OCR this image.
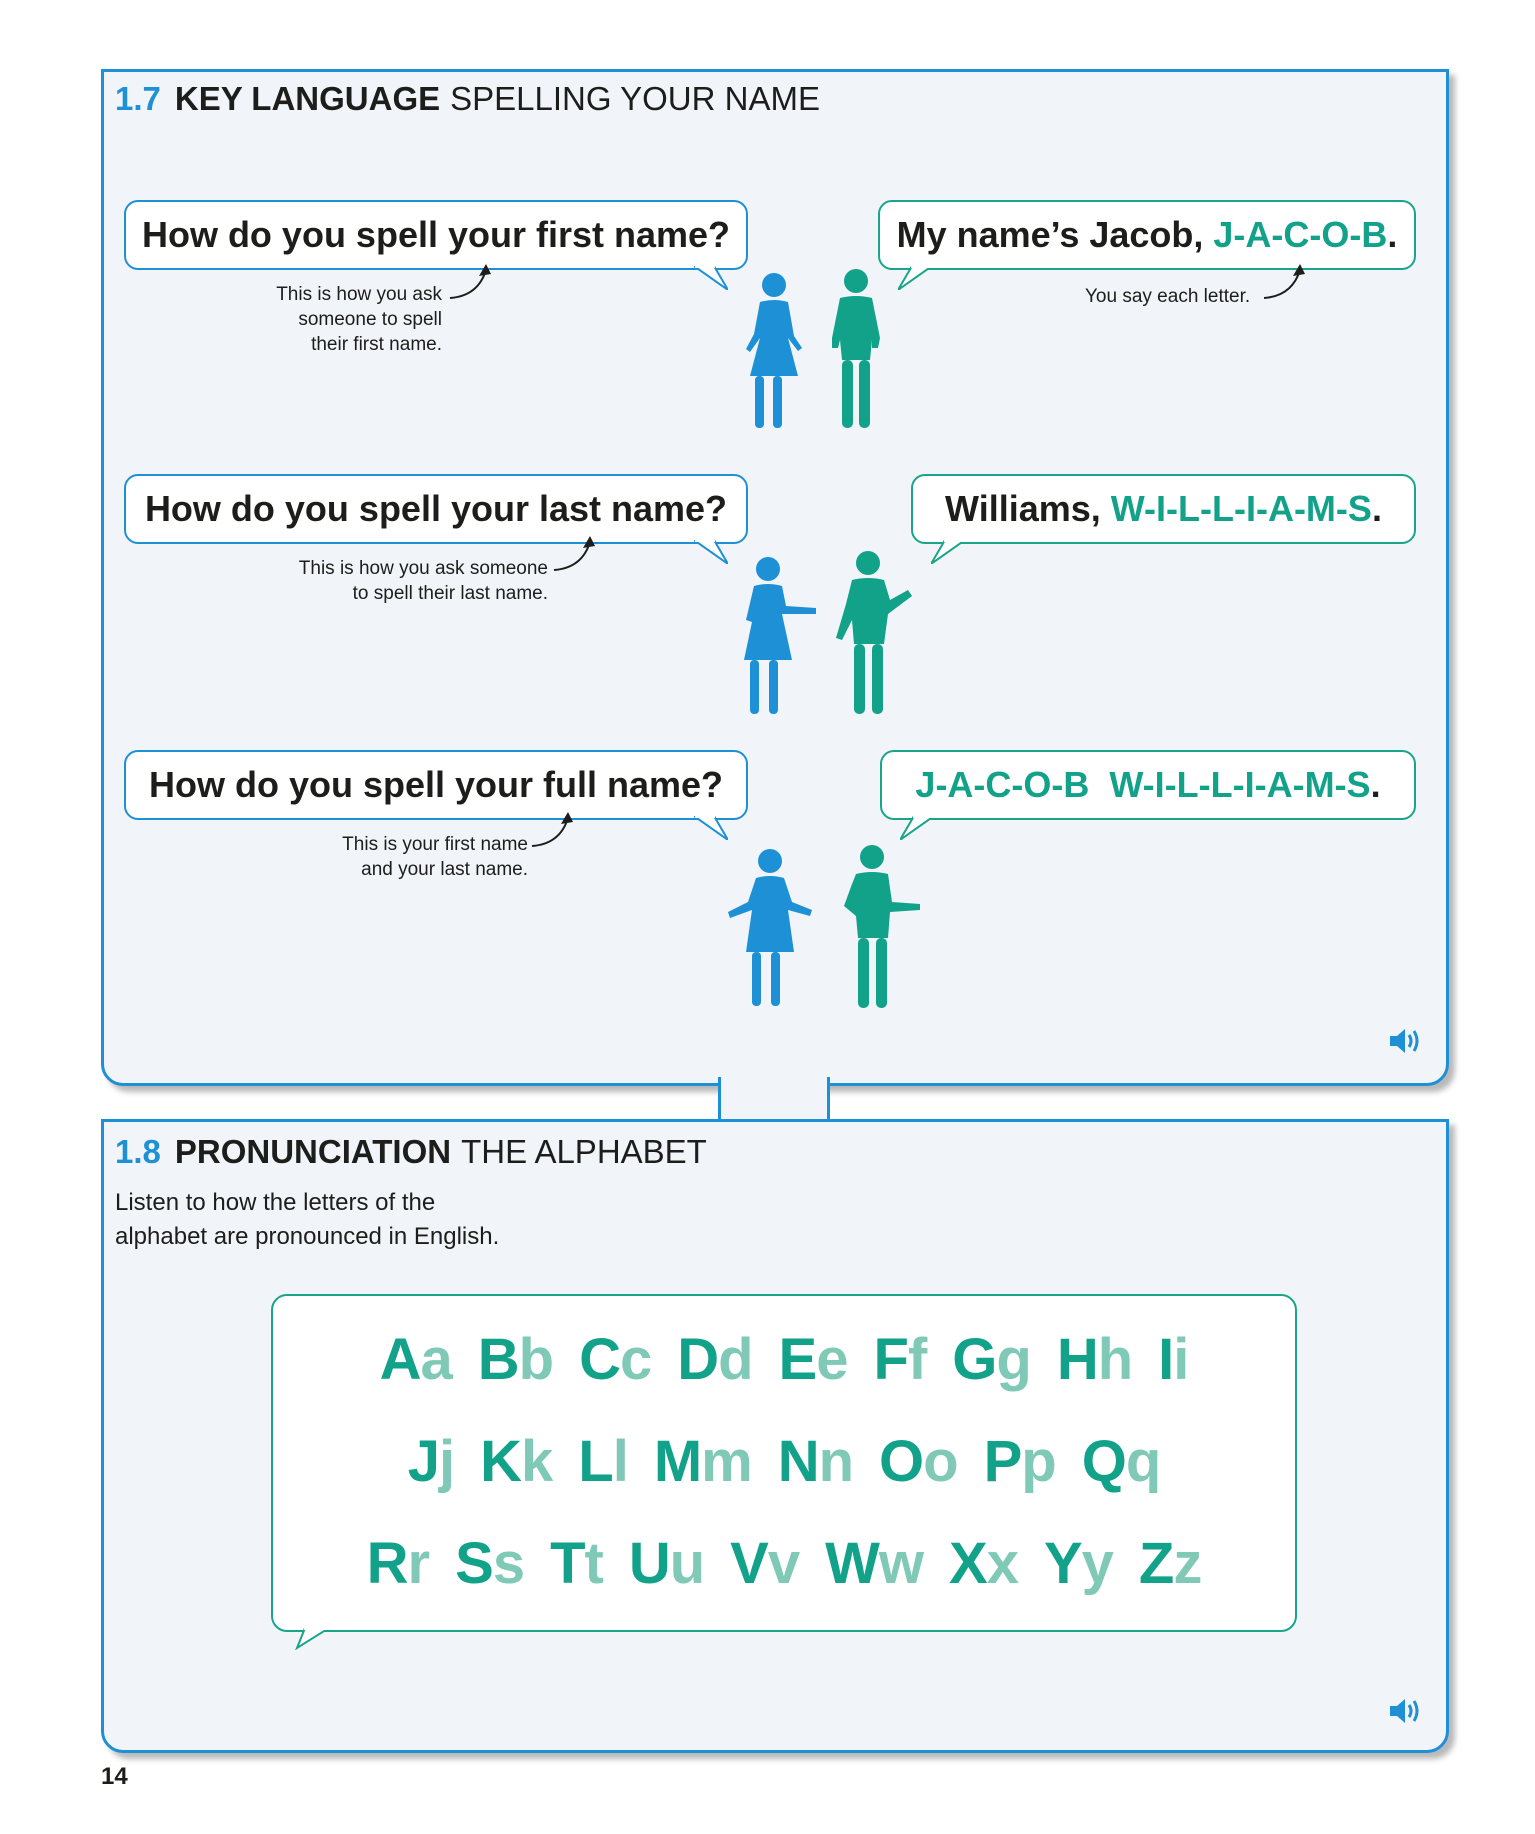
1.7 KEY LANGUAGE SPELLING YOUR NAME
How do you spell your first name?	My name’s Jacob, J-A-C-O-B.
This is how you ask
someone to spell
their first name.
You say each letter.
How do you spell your last name?	Williams, W-I-L-L-I-A-M-S.
This is how you ask someone
to spell their last name.
How do you spell your full name?	J-A-C-O-B  W-I-L-L-I-A-M-S.
This is your first name
and your last name.
1.8 PRONUNCIATION THE ALPHABET
Listen to how the letters of the
alphabet are pronounced in English.
Aa Bb Cc Dd Ee Ff Gg Hh Ii
Jj Kk Ll Mm Nn Oo Pp Qq
Rr Ss Tt Uu Vv Ww Xx Yy Zz
14
